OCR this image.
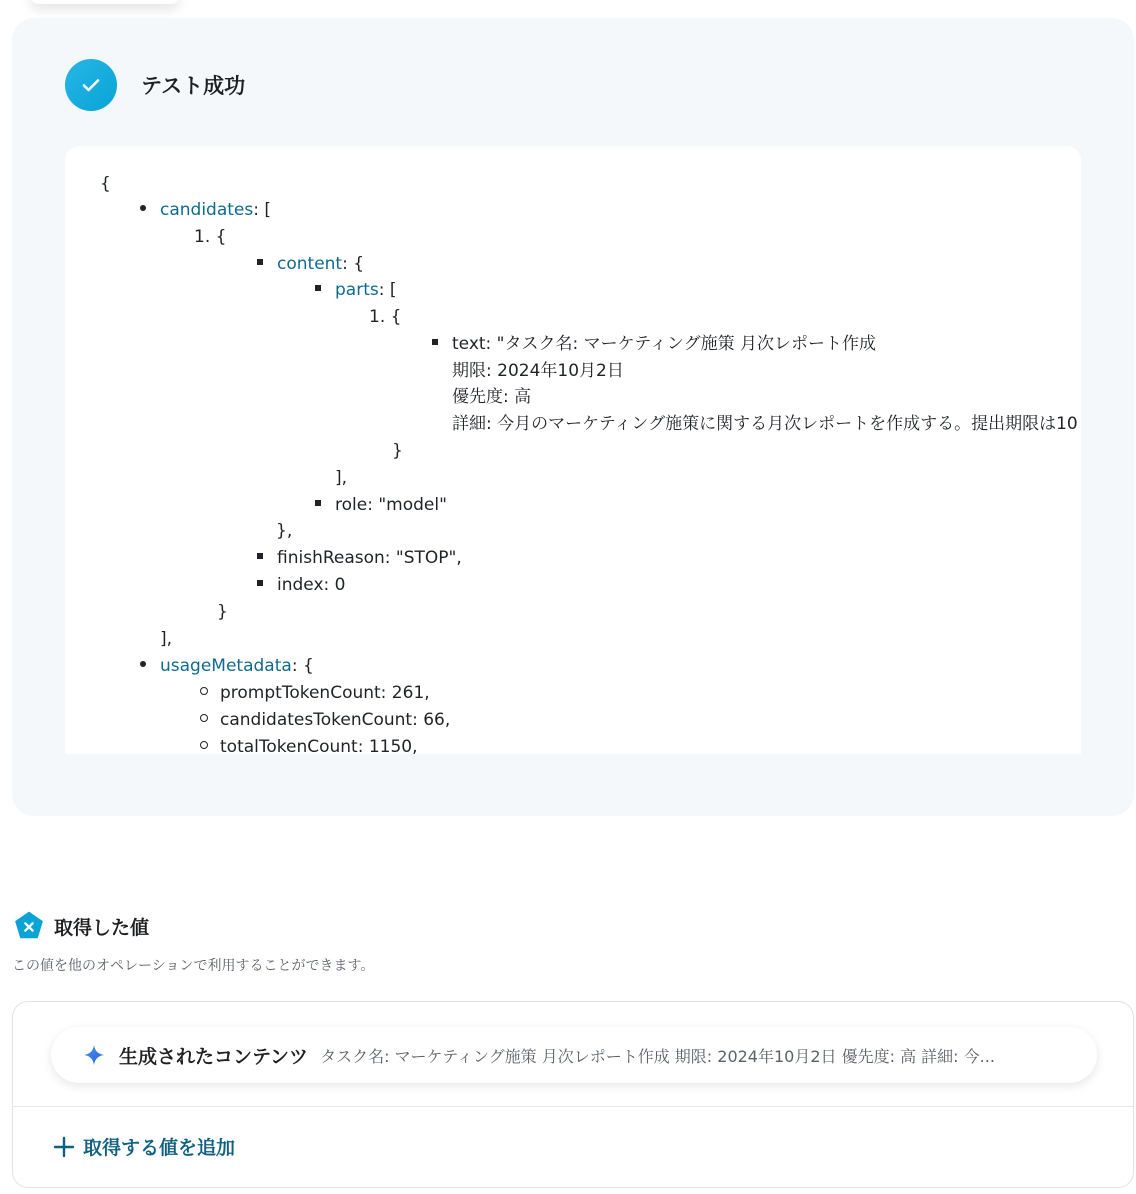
テスト成功
{
candidates: [
1. {
content: {
parts: [
1. {
text: "タスク名: マーケティング施策 月次レポート作成
期限: 2024年10月2日
優先度: 高
詳細: 今月のマーケティング施策に関する月次レポートを作成する。提出期限は10
}
],
role: "model"
},
finishReason: "STOP",
index: 0
}
],
usageMetadata: {
promptTokenCount: 261,
candidatesTokenCount: 66,
totalTokenCount: 1150,
取得した値
この値を他のオペレーションで利用することができます。
生成されたコンテンツ タスク名: マーケティング施策 月次レポート作成 期限: 2024年10月2日 優先度: 高 詳細: 今...
取得する値を追加
